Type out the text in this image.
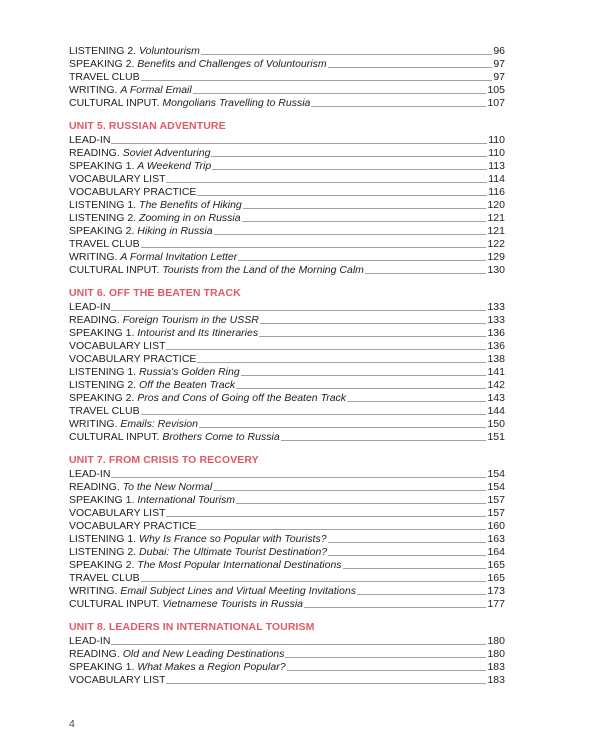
LISTENING 2. Voluntourism	96
SPEAKING 2. Benefits and Challenges of Voluntourism	97
TRAVEL CLUB	97
WRITING. A Formal Email	105
CULTURAL INPUT. Mongolians Travelling to Russia	107
UNIT 5. RUSSIAN ADVENTURE
LEAD-IN	110
READING. Soviet Adventuring	110
SPEAKING 1. A Weekend Trip	113
VOCABULARY LIST	114
VOCABULARY PRACTICE	116
LISTENING 1. The Benefits of Hiking	120
LISTENING 2. Zooming in on Russia	121
SPEAKING 2. Hiking in Russia	121
TRAVEL CLUB	122
WRITING. A Formal Invitation Letter	129
CULTURAL INPUT. Tourists from the Land of the Morning Calm	130
UNIT 6. OFF THE BEATEN TRACK
LEAD-IN	133
READING. Foreign Tourism in the USSR	133
SPEAKING 1. Intourist and Its Itineraries	136
VOCABULARY LIST	136
VOCABULARY PRACTICE	138
LISTENING 1. Russia's Golden Ring	141
LISTENING 2. Off the Beaten Track	142
SPEAKING 2. Pros and Cons of Going off the Beaten Track	143
TRAVEL CLUB	144
WRITING. Emails: Revision	150
CULTURAL INPUT. Brothers Come to Russia	151
UNIT 7. FROM CRISIS TO RECOVERY
LEAD-IN	154
READING. To the New Normal	154
SPEAKING 1. International Tourism	157
VOCABULARY LIST	157
VOCABULARY PRACTICE	160
LISTENING 1. Why Is France so Popular with Tourists?	163
LISTENING 2. Dubai: The Ultimate Tourist Destination?	164
SPEAKING 2. The Most Popular International Destinations	165
TRAVEL CLUB	165
WRITING. Email Subject Lines and Virtual Meeting Invitations	173
CULTURAL INPUT. Vietnamese Tourists in Russia	177
UNIT 8. LEADERS IN INTERNATIONAL TOURISM
LEAD-IN	180
READING. Old and New Leading Destinations	180
SPEAKING 1. What Makes a Region Popular?	183
VOCABULARY LIST	183
4
